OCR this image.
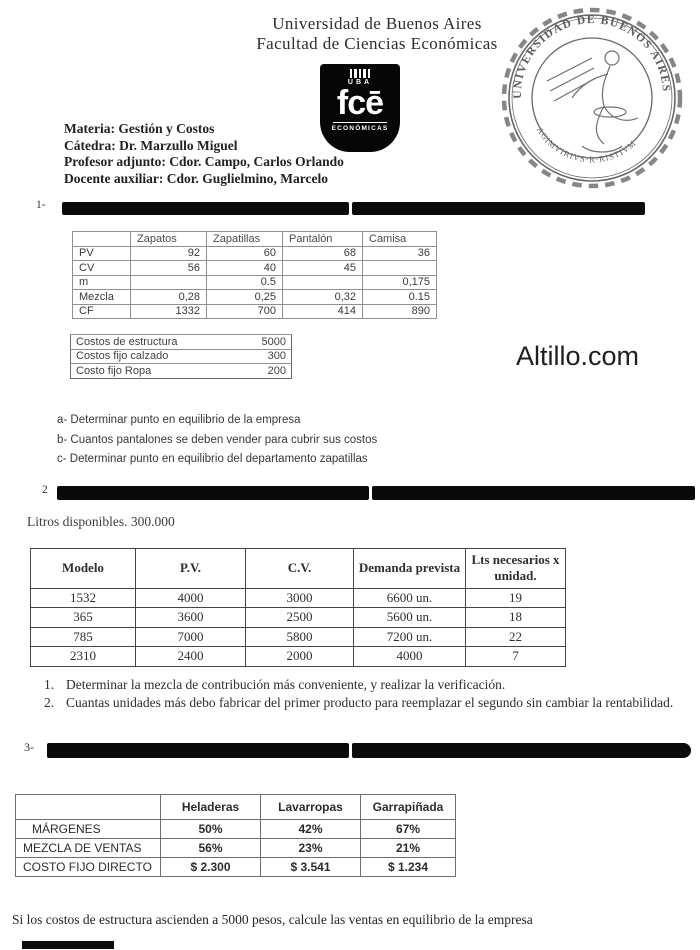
Universidad de Buenos Aires
Facultad de Ciencias Económicas
UBA
fcē
ECONÓMICAS
UNIVERSIDAD DE BUENOS AIRES
AGIMVIRIVS·R·RISTIVM
Materia: Gestión y Costos
Cátedra: Dr. Marzullo Miguel
Profesor adjunto: Cdor. Campo, Carlos Orlando
Docente auxiliar: Cdor. Guglielmino, Marcelo
1-
	Zapatos	Zapatillas	Pantalón	Camisa
PV	92	60	68	36
CV	56	40	45	
m		0.5		0,175
Mezcla	0,28	0,25	0,32	0.15
CF	1332	700	414	890
Costos de estructura	5000
Costos fijo calzado	300
Costo fijo Ropa	200	Altillo.com
a- Determinar punto en equilibrio de la empresa
b- Cuantos pantalones se deben vender para cubrir sus costos
c- Determinar punto en equilibrio del departamento zapatillas
2
Litros disponibles. 300.000
Modelo	P.V.	C.V.	Demanda prevista	Lts necesarios x unidad.
1532	4000	3000	6600 un.	19
365	3600	2500	5600 un.	18
785	7000	5800	7200 un.	22
2310	2400	2000	4000	7
1. Determinar la mezcla de contribución más conveniente, y realizar la verificación.
2. Cuantas unidades más debo fabricar del primer producto para reemplazar el segundo sin cambiar la rentabilidad.
3-
	Heladeras	Lavarropas	Garrapiñada
MÁRGENES	50%	42%	67%
MEZCLA DE VENTAS	56%	23%	21%
COSTO FIJO DIRECTO	$ 2.300	$ 3.541	$ 1.234
Si los costos de estructura ascienden a 5000 pesos, calcule las ventas en equilibrio de la empresa
